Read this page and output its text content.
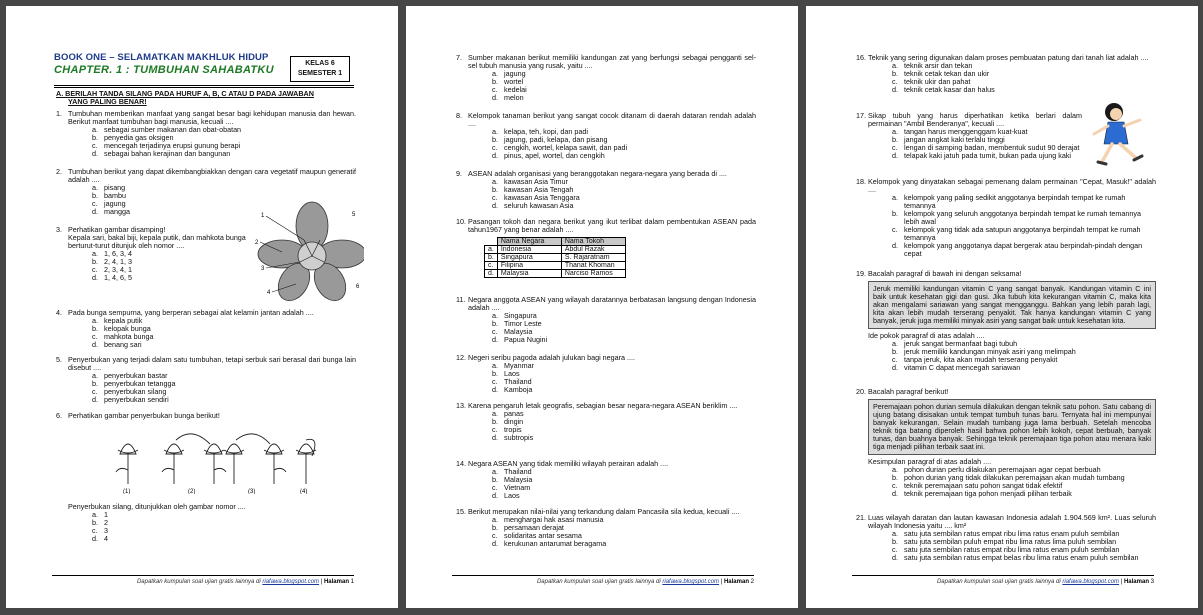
BOOK ONE – SELAMATKAN MAKHLUK HIDUP
CHAPTER. 1 : TUMBUHAN SAHABATKU
KELAS 6
SEMESTER 1
A. BERILAH TANDA SILANG PADA HURUF A, B, C ATAU D PADA JAWABAN
YANG PALING BENAR!
1. Tumbuhan memberikan manfaat yang sangat besar bagi kehidupan manusia dan hewan. Berikut manfaat tumbuhan bagi manusia, kecuali ....
a. sebagai sumber makanan dan obat-obatan
b. penyedia gas oksigen
c. mencegah terjadinya erupsi gunung berapi
d. sebagai bahan kerajinan dan bangunan
2. Tumbuhan berikut yang dapat dikembangbiakkan dengan cara vegetatif maupun generatif adalah ....
a. pisang
b. bambu
c. jagung
d. mangga
3. Perhatikan gambar disamping!
Kepala sari, bakal biji, kepala putik, dan mahkota bunga
berturut-turut ditunjuk oleh nomor ....
a. 1, 6, 3, 4
b. 2, 4, 1, 3
c. 2, 3, 4, 1
d. 1, 4, 6, 5
1
2
3
4
5
6
4. Pada bunga sempurna, yang berperan sebagai alat kelamin jantan adalah ....
a. kepala putik
b. kelopak bunga
c. mahkota bunga
d. benang sari
5. Penyerbukan yang terjadi dalam satu tumbuhan, tetapi serbuk sari berasal dari bunga lain disebut ....
a. penyerbukan bastar
b. penyerbukan tetangga
c. penyerbukan silang
d. penyerbukan sendiri
6. Perhatikan gambar penyerbukan bunga berikut!
(1)	(2)	(3)	(4)
Penyerbukan silang, ditunjukkan oleh gambar nomor ....
a. 1
b. 2
c. 3
d. 4
Dapatkan kumpulan soal ujian gratis lainnya di riafawa.blogspot.com | Halaman 1
7. Sumber makanan berikut memiliki kandungan zat yang berfungsi sebagai pengganti sel-sel tubuh manusia yang rusak, yaitu ....
a. jagung
b. wortel
c. kedelai
d. melon
8. Kelompok tanaman berikut yang sangat cocok ditanam di daerah dataran rendah adalah ....
a. kelapa, teh, kopi, dan padi
b. jagung, padi, kelapa, dan pisang
c. cengkih, wortel, kelapa sawit, dan padi
d. pinus, apel, wortel, dan cengkih
9. ASEAN adalah organisasi yang beranggotakan negara-negara yang berada di ....
a. kawasan Asia Timur
b. kawasan Asia Tengah
c. kawasan Asia Tenggara
d. seluruh kawasan Asia
10. Pasangan tokoh dan negara berikut yang ikut terlibat dalam pembentukan ASEAN pada tahun1967 yang benar adalah ....
	Nama Negara	Nama Tokoh
a.	Indonesia	Abdul Razak
b.	Singapura	S. Rajaratnam
c.	Filipina	Thanat Khoman
d.	Malaysia	Narciso Ramos
11. Negara anggota ASEAN yang wilayah daratannya berbatasan langsung dengan Indonesia adalah ....
a. Singapura
b. Timor Leste
c. Malaysia
d. Papua Nugini
12. Negeri seribu pagoda adalah julukan bagi negara ....
a. Myanmar
b. Laos
c. Thailand
d. Kamboja
13. Karena pengaruh letak geografis, sebagian besar negara-negara ASEAN beriklim ....
a. panas
b. dingin
c. tropis
d. subtropis
14. Negara ASEAN yang tidak memiliki wilayah perairan adalah ....
a. Thailand
b. Malaysia
c. Vietnam
d. Laos
15. Berikut merupakan nilai-nilai yang terkandung dalam Pancasila sila kedua, kecuali ....
a. menghargai hak asasi manusia
b. persamaan derajat
c. solidaritas antar sesama
d. kerukunan antarumat beragama
Dapatkan kumpulan soal ujian gratis lainnya di riafawa.blogspot.com | Halaman 2
16. Teknik yang sering digunakan dalam proses pembuatan patung dari tanah liat adalah ....
a. teknik arsir dan tekan
b. teknik cetak tekan dan ukir
c. teknik ukir dan pahat
d. teknik cetak kasar dan halus
17. Sikap tubuh yang harus diperhatikan ketika berlari dalam permainan "Ambil Benderanya", kecuali ....
a. tangan harus menggenggam kuat-kuat
b. jangan angkat kaki terlalu tinggi
c. lengan di samping badan, membentuk sudut 90 derajat
d. telapak kaki jatuh pada tumit, bukan pada ujung kaki
18. Kelompok yang dinyatakan sebagai pemenang dalam permainan "Cepat, Masuk!" adalah ....
a. kelompok yang paling sedikit anggotanya berpindah tempat ke rumah temannya
b. kelompok yang seluruh anggotanya berpindah tempat ke rumah temannya lebih awal
c. kelompok yang tidak ada satupun anggotanya berpindah tempat ke rumah temannya
d. kelompok yang anggotanya dapat bergerak atau berpindah-pindah dengan cepat
19. Bacalah paragraf di bawah ini dengan seksama!
Jeruk memiliki kandungan vitamin C yang sangat banyak. Kandungan vitamin C ini baik untuk kesehatan gigi dan gusi. Jika tubuh kita kekurangan vitamin C, maka kita akan mengalami sariawan yang sangat mengganggu. Bahkan yang lebih parah lagi, kita akan lebih mudah terserang penyakit. Tak hanya kandungan vitamin C yang banyak, jeruk juga memiliki minyak asiri yang sangat baik untuk kesehatan kita.
Ide pokok paragraf di atas adalah ....
a. jeruk sangat bermanfaat bagi tubuh
b. jeruk memiliki kandungan minyak asiri yang melimpah
c. tanpa jeruk, kita akan mudah terserang penyakit
d. vitamin C dapat mencegah sariawan
20. Bacalah paragraf berikut!
Peremajaan pohon durian semula dilakukan dengan teknik satu pohon. Satu cabang di ujung batang disisakan untuk tempat tumbuh tunas baru. Ternyata hal ini mempunyai banyak kekurangan. Selain mudah tumbang juga lama berbuah. Setelah mencoba teknik tiga batang diperoleh hasil bahwa pohon lebih kokoh, cepat berbuah, banyak tunas, dan buahnya banyak. Sehingga teknik peremajaan tiga pohon atau menara kaki tiga menjadi pilihan terbaik saat ini.
Kesimpulan paragraf di atas adalah ....
a. pohon durian perlu dilakukan peremajaan agar cepat berbuah
b. pohon durian yang tidak dilakukan peremajaan akan mudah tumbang
c. teknik peremajaan satu pohon sangat tidak efektif
d. teknik peremajaan tiga pohon menjadi pilihan terbaik
21. Luas wilayah daratan dan lautan kawasan Indonesia adalah 1.904.569 km². Luas seluruh wilayah Indonesia yaitu .... km²
a. satu juta sembilan ratus empat ribu lima ratus enam puluh sembilan
b. satu juta sembilan puluh empat ribu lima ratus lima puluh sembilan
c. satu juta sembilan ratus empat ribu lima ratus enam puluh sembilan
d. satu juta sembilan ratus empat belas ribu lima ratus enam puluh sembilan
Dapatkan kumpulan soal ujian gratis lainnya di riafawa.blogspot.com | Halaman 3
